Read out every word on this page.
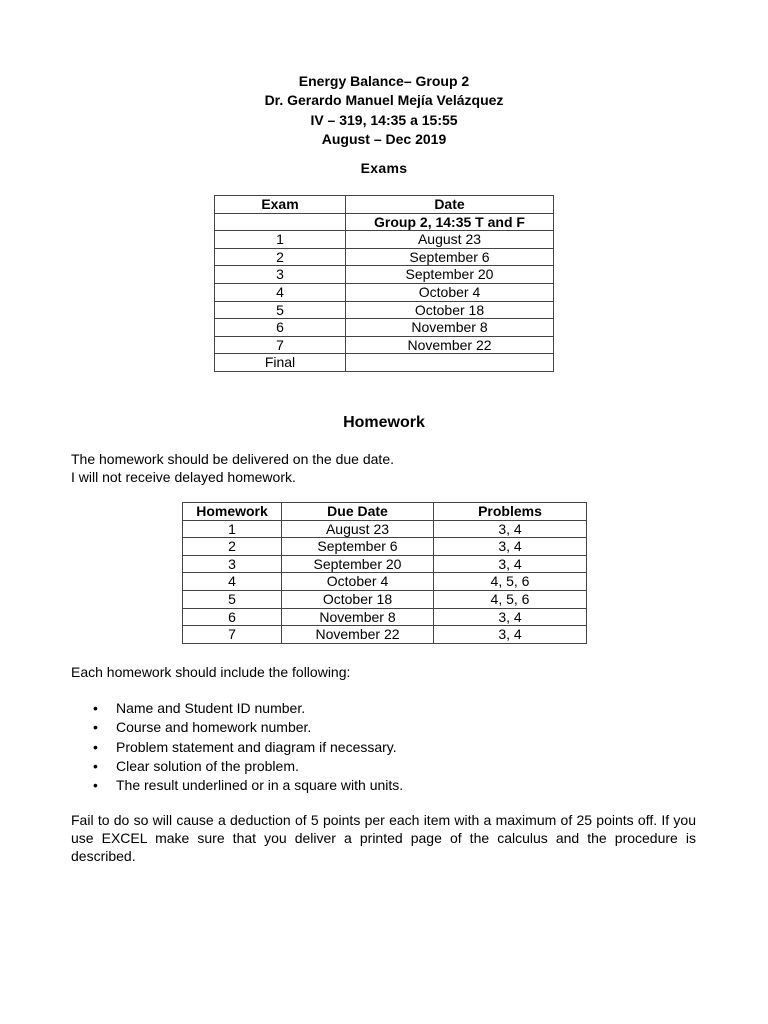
Energy Balance– Group 2
Dr. Gerardo Manuel Mejía Velázquez
IV – 319, 14:35 a 15:55
August – Dec 2019
Exams
Exam	Date
	Group 2, 14:35 T and F
1	August 23
2	September 6
3	September 20
4	October 4
5	October 18
6	November 8
7	November 22
Final	
Homework
The homework should be delivered on the due date.
I will not receive delayed homework.
Homework	Due Date	Problems
1	August 23	3, 4
2	September 6	3, 4
3	September 20	3, 4
4	October 4	4, 5, 6
5	October 18	4, 5, 6
6	November 8	3, 4
7	November 22	3, 4
Each homework should include the following:
• Name and Student ID number.
• Course and homework number.
• Problem statement and diagram if necessary.
• Clear solution of the problem.
• The result underlined or in a square with units.
Fail to do so will cause a deduction of 5 points per each item with a maximum of 25 points off. If you use EXCEL make sure that you deliver a printed page of the calculus and the procedure is described.
